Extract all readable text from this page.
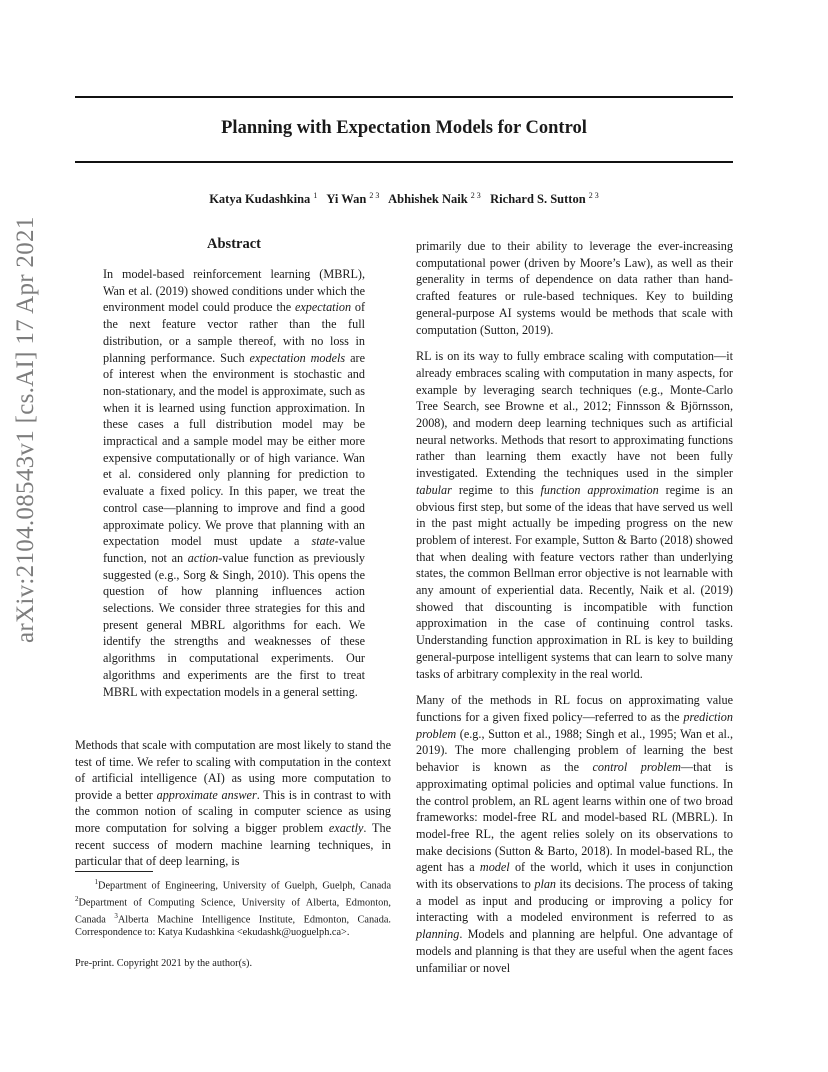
Planning with Expectation Models for Control
Katya Kudashkina $^1$ Yi Wan $^{2 3}$ Abhishek Naik $^{2 3}$ Richard S. Sutton $^{2 3}$
arXiv:2104.08543v1 [cs.AI] 17 Apr 2021	Abstract
In model-based reinforcement learning (MBRL), Wan et al. (2019) showed conditions under which the environment model could produce the expectation of the next feature vector rather than the full distribution, or a sample thereof, with no loss in planning performance. Such expectation models are of interest when the environment is stochastic and non-stationary, and the model is approximate, such as when it is learned using function approximation. In these cases a full distribution model may be impractical and a sample model may be either more expensive computationally or of high variance. Wan et al. considered only planning for prediction to evaluate a fixed policy. In this paper, we treat the control case—planning to improve and find a good approximate policy. We prove that planning with an expectation model must update a state-value function, not an action-value function as previously suggested (e.g., Sorg & Singh, 2010). This opens the question of how planning influences action selections. We consider three strategies for this and present general MBRL algorithms for each. We identify the strengths and weaknesses of these algorithms in computational experiments. Our algorithms and experiments are the first to treat MBRL with expectation models in a general setting.
Methods that scale with computation are most likely to stand the test of time. We refer to scaling with computation in the context of artificial intelligence (AI) as using more computation to provide a better approximate answer. This is in contrast to with the common notion of scaling in computer science as using more computation for solving a bigger problem exactly. The recent success of modern machine learning techniques, in particular that of deep learning, is
$^1$Department of Engineering, University of Guelph, Guelph, Canada $^2$Department of Computing Science, University of Alberta, Edmonton, Canada $^3$Alberta Machine Intelligence Institute, Edmonton, Canada. Correspondence to: Katya Kudashkina <ekudashk@uoguelph.ca>.
Pre-print. Copyright 2021 by the author(s).

primarily due to their ability to leverage the ever-increasing computational power (driven by Moore’s Law), as well as their generality in terms of dependence on data rather than hand-crafted features or rule-based techniques. Key to building general-purpose AI systems would be methods that scale with computation (Sutton, 2019).

RL is on its way to fully embrace scaling with computation—it already embraces scaling with computation in many aspects, for example by leveraging search techniques (e.g., Monte-Carlo Tree Search, see Browne et al., 2012; Finnsson & Björnsson, 2008), and modern deep learning techniques such as artificial neural networks. Methods that resort to approximating functions rather than learning them exactly have not been fully investigated. Extending the techniques used in the simpler tabular regime to this function approximation regime is an obvious first step, but some of the ideas that have served us well in the past might actually be impeding progress on the new problem of interest. For example, Sutton & Barto (2018) showed that when dealing with feature vectors rather than underlying states, the common Bellman error objective is not learnable with any amount of experiential data. Recently, Naik et al. (2019) showed that discounting is incompatible with function approximation in the case of continuing control tasks. Understanding function approximation in RL is key to building general-purpose intelligent systems that can learn to solve many tasks of arbitrary complexity in the real world.

Many of the methods in RL focus on approximating value functions for a given fixed policy—referred to as the prediction problem (e.g., Sutton et al., 1988; Singh et al., 1995; Wan et al., 2019). The more challenging problem of learning the best behavior is known as the control problem—that is approximating optimal policies and optimal value functions. In the control problem, an RL agent learns within one of two broad frameworks: model-free RL and model-based RL (MBRL). In model-free RL, the agent relies solely on its observations to make decisions (Sutton & Barto, 2018). In model-based RL, the agent has a model of the world, which it uses in conjunction with its observations to plan its decisions. The process of taking a model as input and producing or improving a policy for interacting with a modeled environment is referred to as planning. Models and planning are helpful. One advantage of models and planning is that they are useful when the agent faces unfamiliar or novel
